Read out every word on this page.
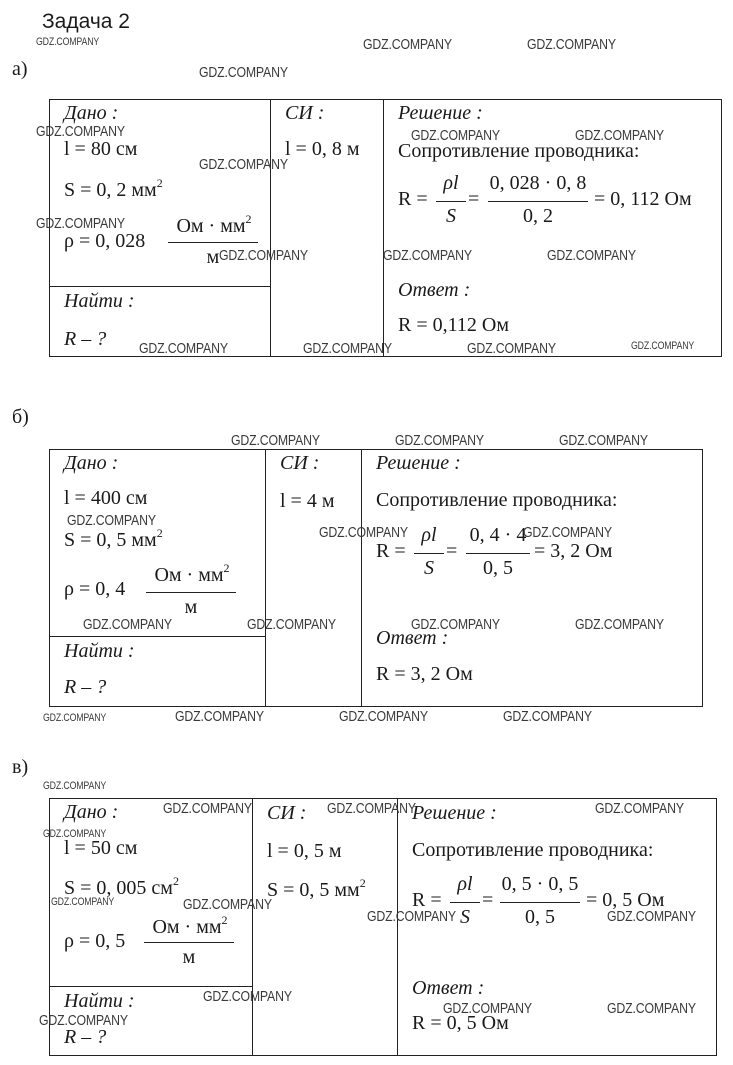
Задача 2
а)
Дано :
l = 80 см
S = 0, 2 $мм^2$
ρ = 0, 028
Ом · $мм^2$
м
Найти :
R – ?
СИ :
l = 0, 8 м
Решение :
Сопротивление проводника:
R =
ρl
S
=
0, 028 · 0, 8
0, 2
= 0, 112 Ом
Ответ :
R = 0,112 Ом
б)
Дано :
l = 400 см
S = 0, 5 $мм^2$
ρ = 0, 4
Ом · $мм^2$
м
Найти :
R – ?
СИ :
l = 4 м
Решение :
Сопротивление проводника:
R =
ρl
S
=
0, 4 · 4
0, 5
= 3, 2 Ом
Ответ :
R = 3, 2 Ом
в)
Дано :
l = 50 см
S = 0, 005 $см^2$
ρ = 0, 5
Ом · $мм^2$
м
Найти :
R – ?
СИ :
l = 0, 5 м
S = 0, 5 $мм^2$
Решение :
Сопротивление проводника:
R =
ρl
S
=
0, 5 · 0, 5
0, 5
= 0, 5 Ом
Ответ :
R = 0, 5 Ом
GDZ.COMPANY	GDZ.COMPANY	GDZ.COMPANY
GDZ.COMPANY
GDZ.COMPANY	GDZ.COMPANY	GDZ.COMPANY
GDZ.COMPANY
GDZ.COMPANY
GDZ.COMPANY	GDZ.COMPANY	GDZ.COMPANY
GDZ.COMPANY	GDZ.COMPANY	GDZ.COMPANY	GDZ.COMPANY
GDZ.COMPANY	GDZ.COMPANY	GDZ.COMPANY
GDZ.COMPANY
GDZ.COMPANY	GDZ.COMPANY
GDZ.COMPANY	GDZ.COMPANY	GDZ.COMPANY	GDZ.COMPANY
GDZ.COMPANY	GDZ.COMPANY	GDZ.COMPANY	GDZ.COMPANY
GDZ.COMPANY
GDZ.COMPANY	GDZ.COMPANY	GDZ.COMPANY
GDZ.COMPANY
GDZ.COMPANY	GDZ.COMPANY
GDZ.COMPANY	GDZ.COMPANY
GDZ.COMPANY
GDZ.COMPANY	GDZ.COMPANY
GDZ.COMPANY
